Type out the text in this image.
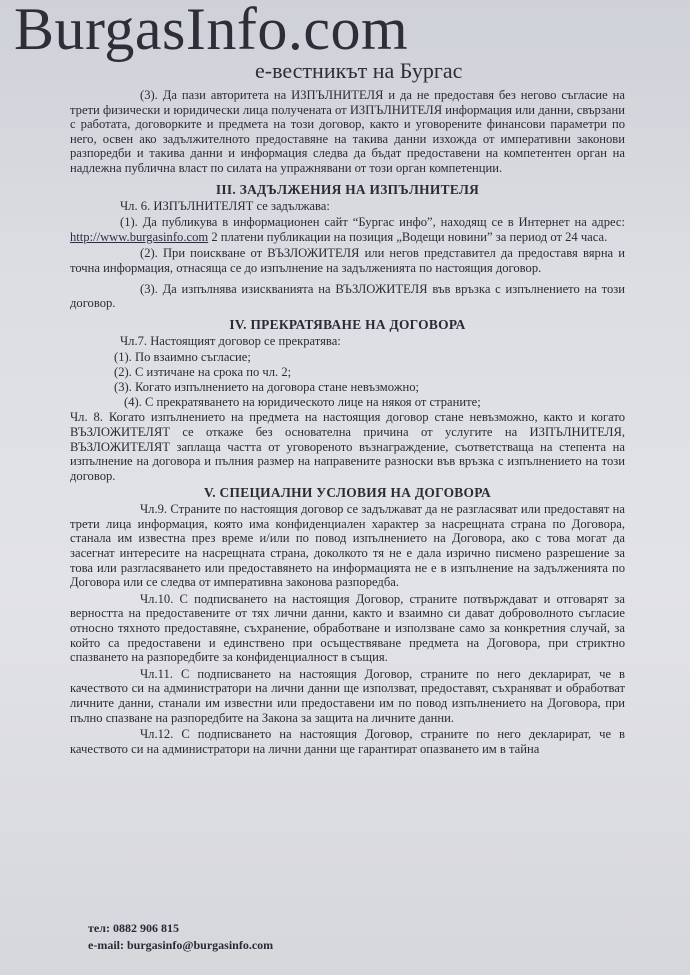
BurgasInfo.com
е-вестникът на Бургас

(3). Да пази авторитета на ИЗПЪЛНИТЕЛЯ и да не предоставя без негово съгласие на трети физически и юридически лица полученатa от ИЗПЪЛНИТЕЛЯ информация или данни, свързани с работата, договорките и предмета на този договор, както и уговорените финансови параметри по него, освен ако задължителното предоставяне на такива данни изхожда от императивни законови разпоредби и такива данни и информация следва да бъдат предоставени на компетентен орган на надлежна публична власт по силата на упражнявани от този орган компетенции.

III. ЗАДЪЛЖЕНИЯ НА ИЗПЪЛНИТЕЛЯ

Чл. 6. ИЗПЪЛНИТЕЛЯТ се задължава:

(1). Да публикува в информационен сайт “Бургас инфо”, находящ се в Интернет на адрес: http://www.burgasinfo.com 2 платени публикации на позиция „Водещи новини” за период от 24 часа.

(2). При поискване от ВЪЗЛОЖИТЕЛЯ или негов представител да предоставя вярна и точна информация, отнасяща се до изпълнение на задълженията по настоящия договор.

(3). Да изпълнява изискванията на ВЪЗЛОЖИТЕЛЯ във връзка с изпълнението на този договор.

IV. ПРЕКРАТЯВАНЕ НА ДОГОВОРА

Чл.7. Настоящият договор се прекратява:

(1). По взаимно съгласие;
(2). С изтичане на срока по чл. 2;
(3). Когато изпълнението на договора стане невъзможно;
(4). С прекратяването на юридическото лице на някоя от страните;

Чл. 8. Когато изпълнението на предмета на настоящия договор стане невъзможно, както и когато ВЪЗЛОЖИТЕЛЯТ се откаже без основателна причина от услугите на ИЗПЪЛНИТЕЛЯ, ВЪЗЛОЖИТЕЛЯТ заплаща частта от уговореното възнаграждение, съответстваща на степента на изпълнение на договора и пълния размер на направените разноски във връзка с изпълнението на този договор.

V. СПЕЦИАЛНИ УСЛОВИЯ НА ДОГОВОРА

Чл.9. Страните по настоящия договор се задължават да не разгласяват или предоставят на трети лица информация, която има конфиденциален характер за насрещната страна по Договора, станала им известна през време и/или по повод изпълнението на Договора, ако с това могат да засегнат интересите на насрещната страна, доколкото тя не е дала изрично писмено разрешение за това или разгласяването или предоставянето на информацията не е в изпълнение на задълженията по Договора или се следва от императивна законова разпоредба.

Чл.10. С подписването на настоящия Договор, страните потвърждават и отговарят за верността на предоставените от тях лични данни, както и взаимно си дават доброволното съгласие относно тяхното предоставяне, съхранение, обработване и използване само за конкретния случай, за който са предоставени и единствено при осъществяване предмета на Договора, при стриктно спазването на разпоредбите за конфиденциалност в същия.

Чл.11. С подписването на настоящия Договор, страните по него декларират, че в качеството си на администратори на лични данни ще използват, предоставят, съхраняват и обработват личните данни, станали им известни или предоставени им по повод изпълнението на Договора, при пълно спазване на разпоредбите на Закона за защита на личните данни.

Чл.12. С подписването на настоящия Договор, страните по него декларират, че в качеството си на администратори на лични данни ще гарантират опазването им в тайна

тел: 0882 906 815
e-mail: burgasinfo@burgasinfo.com
